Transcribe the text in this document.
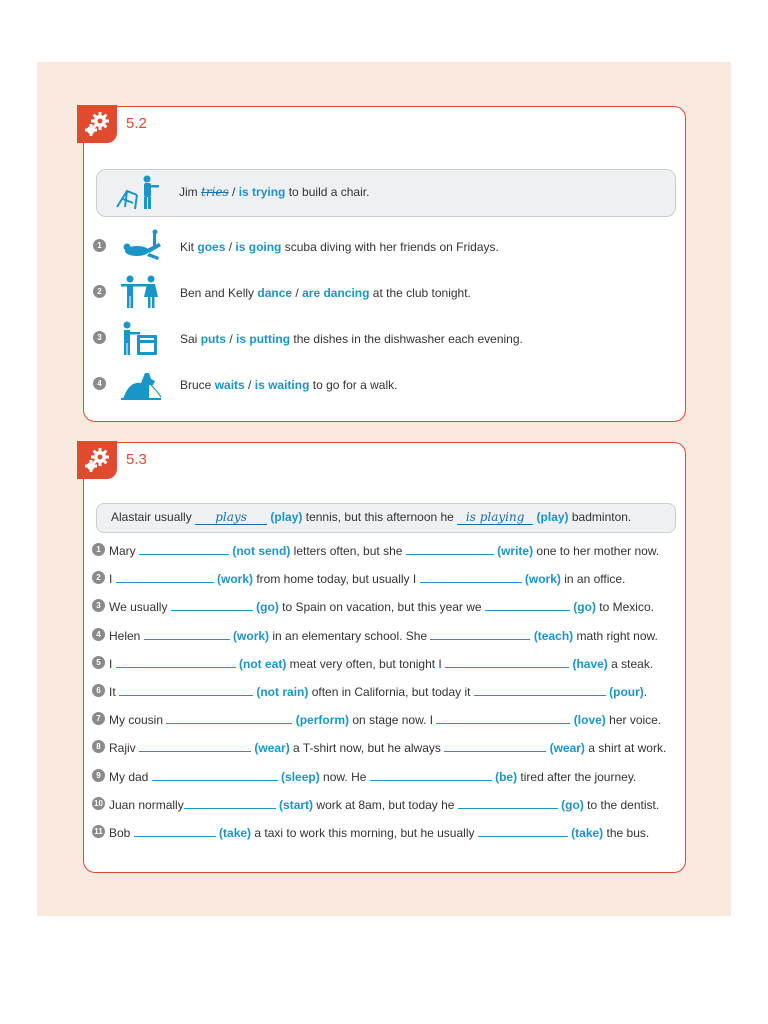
5.2
Jim tries / is trying to build a chair.
1	Kit goes / is going scuba diving with her friends on Fridays.
2	Ben and Kelly dance / are dancing at the club tonight.
3	Sai puts / is putting the dishes in the dishwasher each evening.
4	Bruce waits / is waiting to go for a walk.
5.3
Alastair usually plays (play) tennis, but this afternoon he is playing (play) badminton.
1 Mary	(not send) letters often, but she	(write) one to her mother now.
2 I	(work) from home today, but usually I	(work) in an office.
3 We usually	(go) to Spain on vacation, but this year we	(go) to Mexico.
4 Helen	(work) in an elementary school. She	(teach) math right now.
5 I	(not eat) meat very often, but tonight I	(have) a steak.
6 It	(not rain) often in California, but today it	(pour).
7 My cousin	(perform) on stage now. I	(love) her voice.
8 Rajiv	(wear) a T-shirt now, but he always	(wear) a shirt at work.
9 My dad	(sleep) now. He	(be) tired after the journey.
10 Juan normally	(start) work at 8am, but today he	(go) to the dentist.
11 Bob	(take) a taxi to work this morning, but he usually	(take) the bus.
